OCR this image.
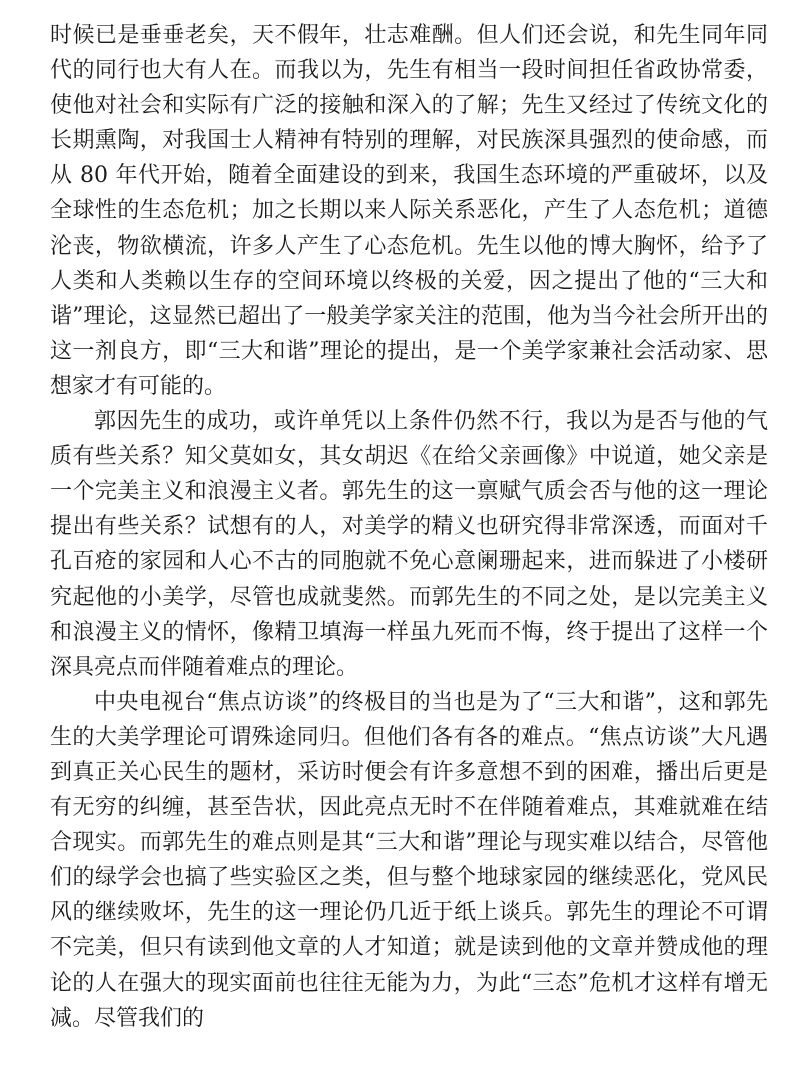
时候已是垂垂老矣，天不假年，壮志难酬。但人们还会说，和先生同年同代的同行也大有人在。而我以为，先生有相当一段时间担任省政协常委，使他对社会和实际有广泛的接触和深入的了解；先生又经过了传统文化的长期熏陶，对我国士人精神有特别的理解，对民族深具强烈的使命感，而从 80 年代开始，随着全面建设的到来，我国生态环境的严重破坏，以及全球性的生态危机；加之长期以来人际关系恶化，产生了人态危机；道德沦丧，物欲横流，许多人产生了心态危机。先生以他的博大胸怀，给予了人类和人类赖以生存的空间环境以终极的关爱，因之提出了他的“三大和谐”理论，这显然已超出了一般美学家关注的范围，他为当今社会所开出的这一剂良方，即“三大和谐”理论的提出，是一个美学家兼社会活动家、思想家才有可能的。

郭因先生的成功，或许单凭以上条件仍然不行，我以为是否与他的气质有些关系？知父莫如女，其女胡迟《在给父亲画像》中说道，她父亲是一个完美主义和浪漫主义者。郭先生的这一禀赋气质会否与他的这一理论提出有些关系？试想有的人，对美学的精义也研究得非常深透，而面对千孔百疮的家园和人心不古的同胞就不免心意阑珊起来，进而躲进了小楼研究起他的小美学，尽管也成就斐然。而郭先生的不同之处，是以完美主义和浪漫主义的情怀，像精卫填海一样虽九死而不悔，终于提出了这样一个深具亮点而伴随着难点的理论。

中央电视台“焦点访谈”的终极目的当也是为了“三大和谐”，这和郭先生的大美学理论可谓殊途同归。但他们各有各的难点。“焦点访谈”大凡遇到真正关心民生的题材，采访时便会有许多意想不到的困难，播出后更是有无穷的纠缠，甚至告状，因此亮点无时不在伴随着难点，其难就难在结合现实。而郭先生的难点则是其“三大和谐”理论与现实难以结合，尽管他们的绿学会也搞了些实验区之类，但与整个地球家园的继续恶化，党风民风的继续败坏，先生的这一理论仍几近于纸上谈兵。郭先生的理论不可谓不完美，但只有读到他文章的人才知道；就是读到他的文章并赞成他的理论的人在强大的现实面前也往往无能为力，为此“三态”危机才这样有增无减。尽管我们的
